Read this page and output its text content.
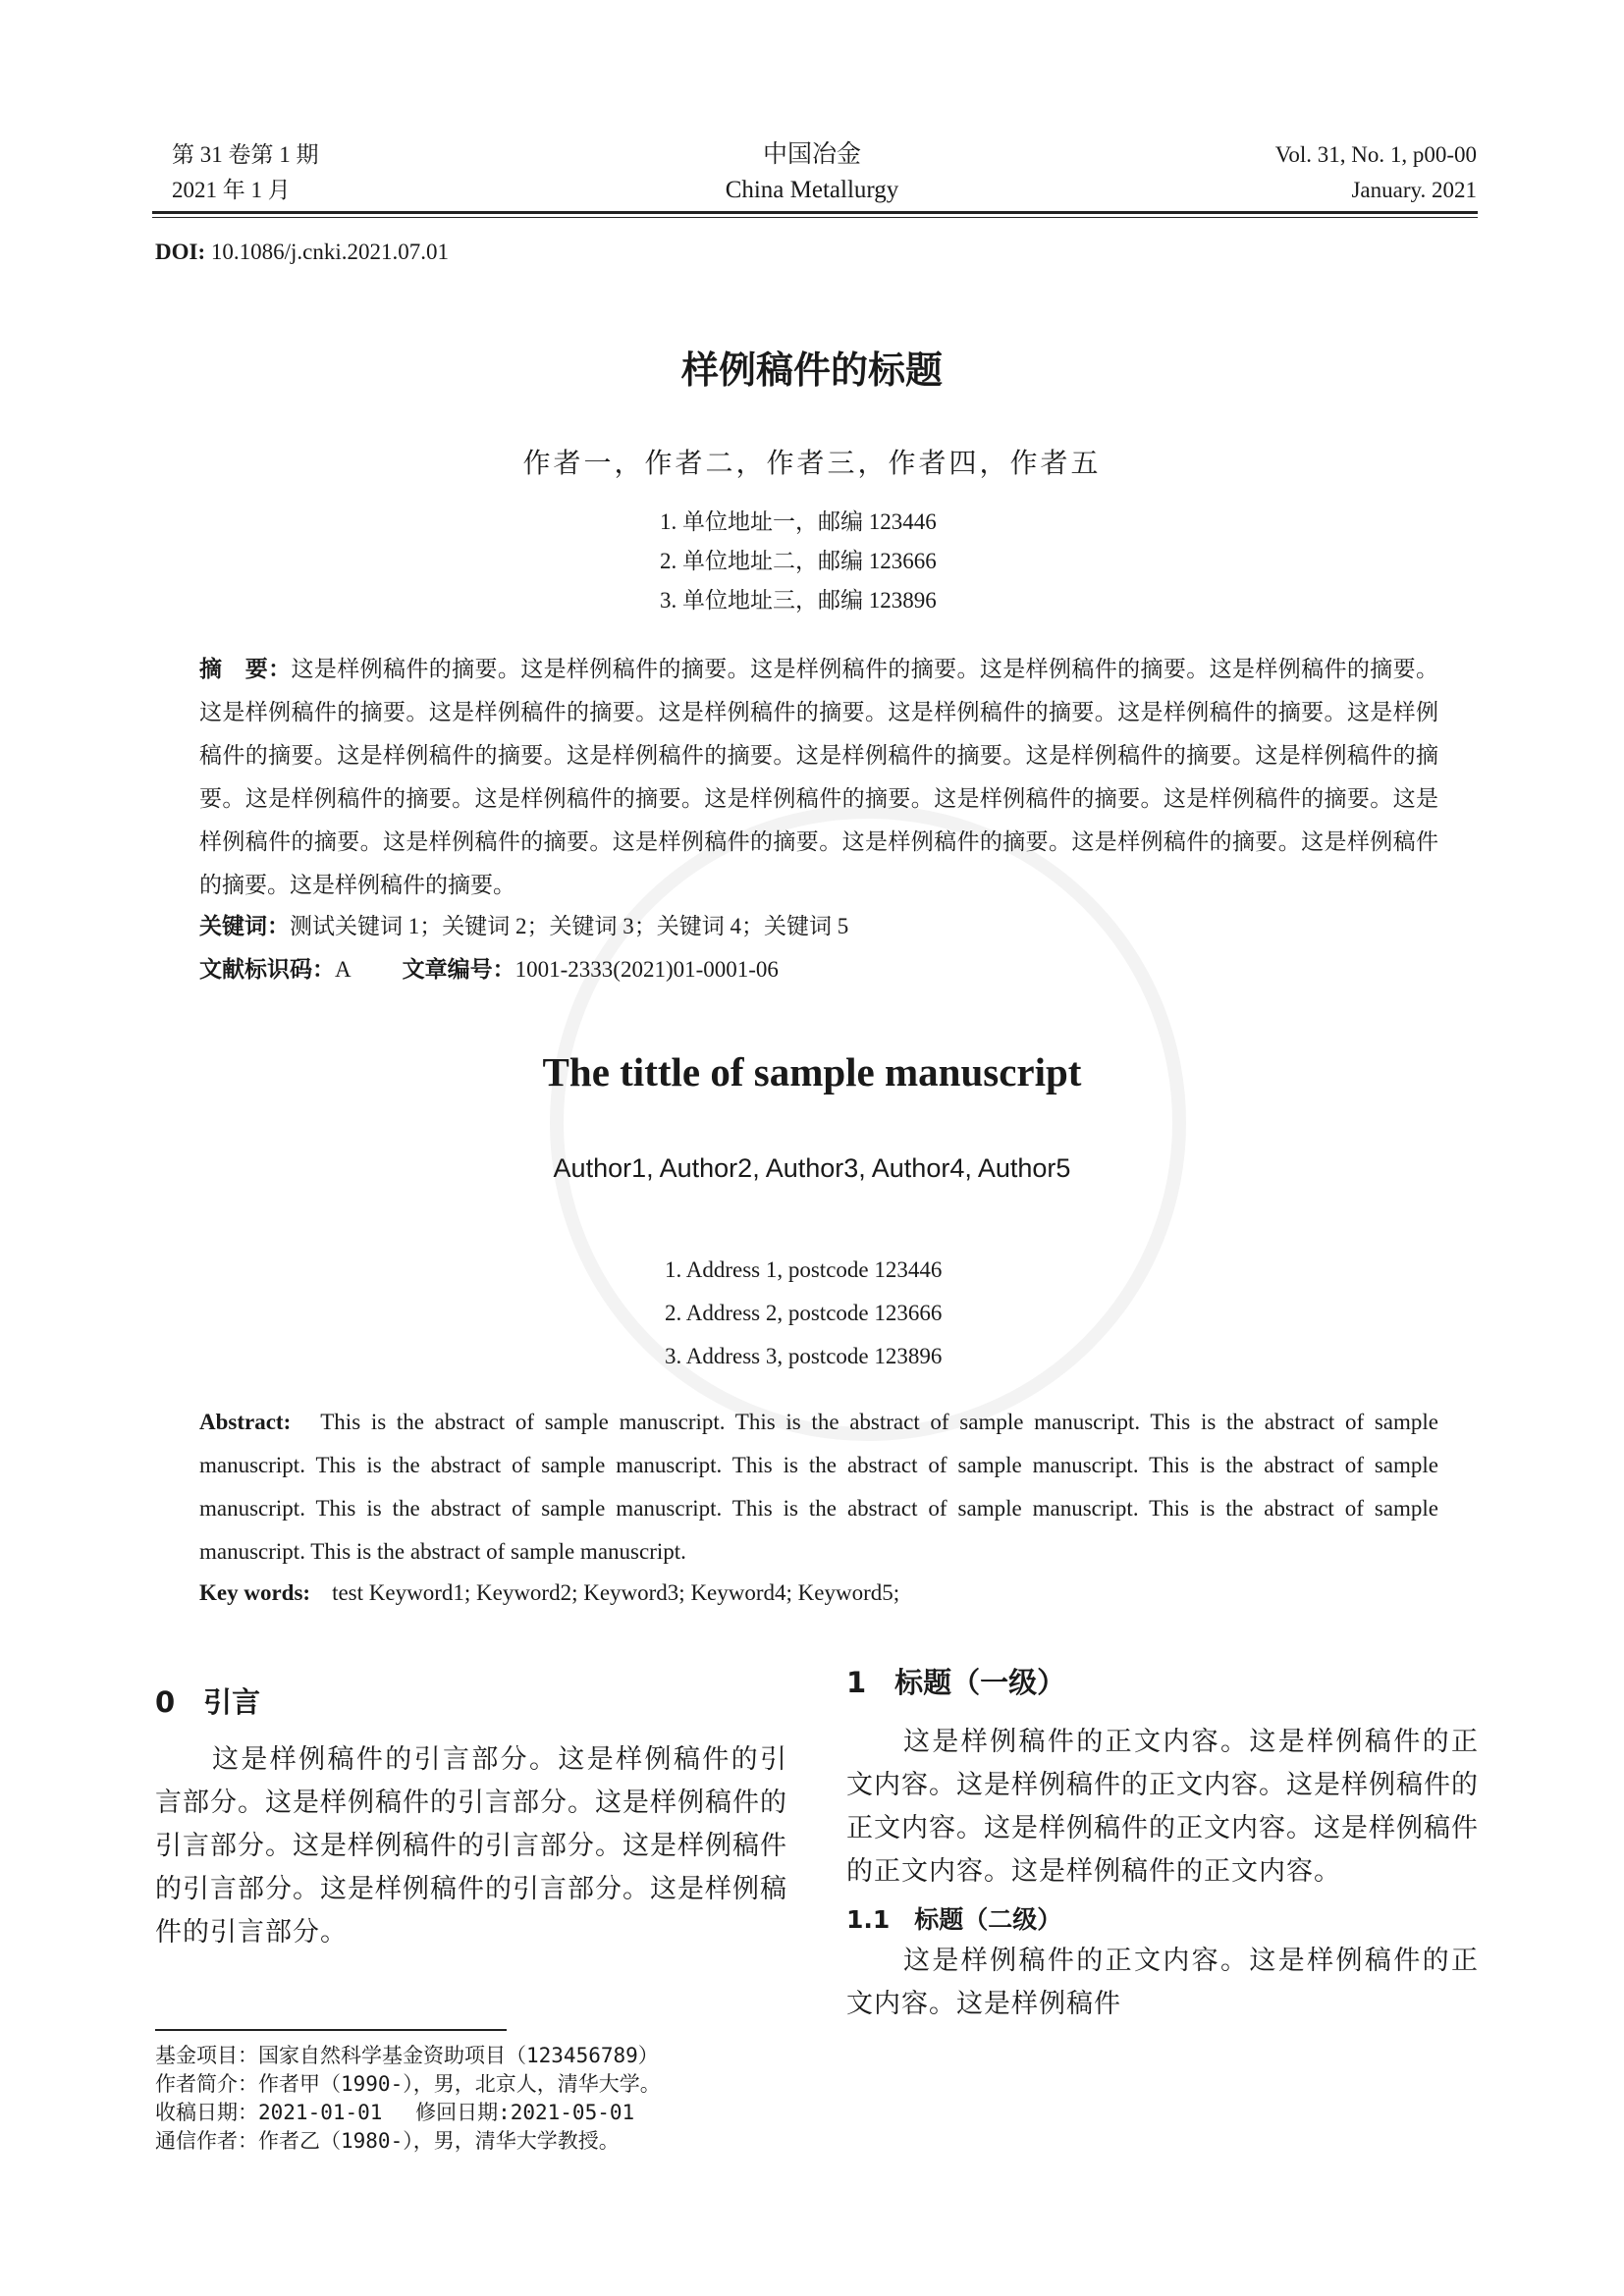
第 31 卷第 1 期
2021 年 1 月
中国冶金
China Metallurgy
Vol. 31, No. 1, p00-00
January. 2021
DOI: 10.1086/j.cnki.2021.07.01
样例稿件的标题
作者一，作者二，作者三，作者四，作者五
1. 单位地址一，邮编 123446
2. 单位地址二，邮编 123666
3. 单位地址三，邮编 123896
摘　要：这是样例稿件的摘要。这是样例稿件的摘要。这是样例稿件的摘要。这是样例稿件的摘要。这是样例稿件的摘要。这是样例稿件的摘要。这是样例稿件的摘要。这是样例稿件的摘要。这是样例稿件的摘要。这是样例稿件的摘要。这是样例稿件的摘要。这是样例稿件的摘要。这是样例稿件的摘要。这是样例稿件的摘要。这是样例稿件的摘要。这是样例稿件的摘要。这是样例稿件的摘要。这是样例稿件的摘要。这是样例稿件的摘要。这是样例稿件的摘要。这是样例稿件的摘要。这是样例稿件的摘要。这是样例稿件的摘要。这是样例稿件的摘要。这是样例稿件的摘要。这是样例稿件的摘要。这是样例稿件的摘要。这是样例稿件的摘要。
关键词：测试关键词 1；关键词 2；关键词 3；关键词 4；关键词 5
文献标识码：A 文章编号：1001-2333(2021)01-0001-06
The tittle of sample manuscript
Author1, Author2, Author3, Author4, Author5
1. Address 1, postcode 123446
2. Address 2, postcode 123666
3. Address 3, postcode 123896
Abstract: This is the abstract of sample manuscript. This is the abstract of sample manuscript. This is the abstract of sample manuscript. This is the abstract of sample manuscript. This is the abstract of sample manuscript. This is the abstract of sample manuscript. This is the abstract of sample manuscript. This is the abstract of sample manuscript. This is the abstract of sample manuscript. This is the abstract of sample manuscript.
Key words: test Keyword1; Keyword2; Keyword3; Keyword4; Keyword5;
0　引言
这是样例稿件的引言部分。这是样例稿件的引言部分。这是样例稿件的引言部分。这是样例稿件的引言部分。这是样例稿件的引言部分。这是样例稿件的引言部分。这是样例稿件的引言部分。这是样例稿件的引言部分。
基金项目：国家自然科学基金资助项目（123456789）
作者简介：作者甲（1990-），男，北京人，清华大学。
收稿日期：2021-01-01　 修回日期:2021-05-01
通信作者：作者乙（1980-），男，清华大学教授。
1　标题（一级）
这是样例稿件的正文内容。这是样例稿件的正文内容。这是样例稿件的正文内容。这是样例稿件的正文内容。这是样例稿件的正文内容。这是样例稿件的正文内容。这是样例稿件的正文内容。
1.1　标题（二级）
这是样例稿件的正文内容。这是样例稿件的正文内容。这是样例稿件
